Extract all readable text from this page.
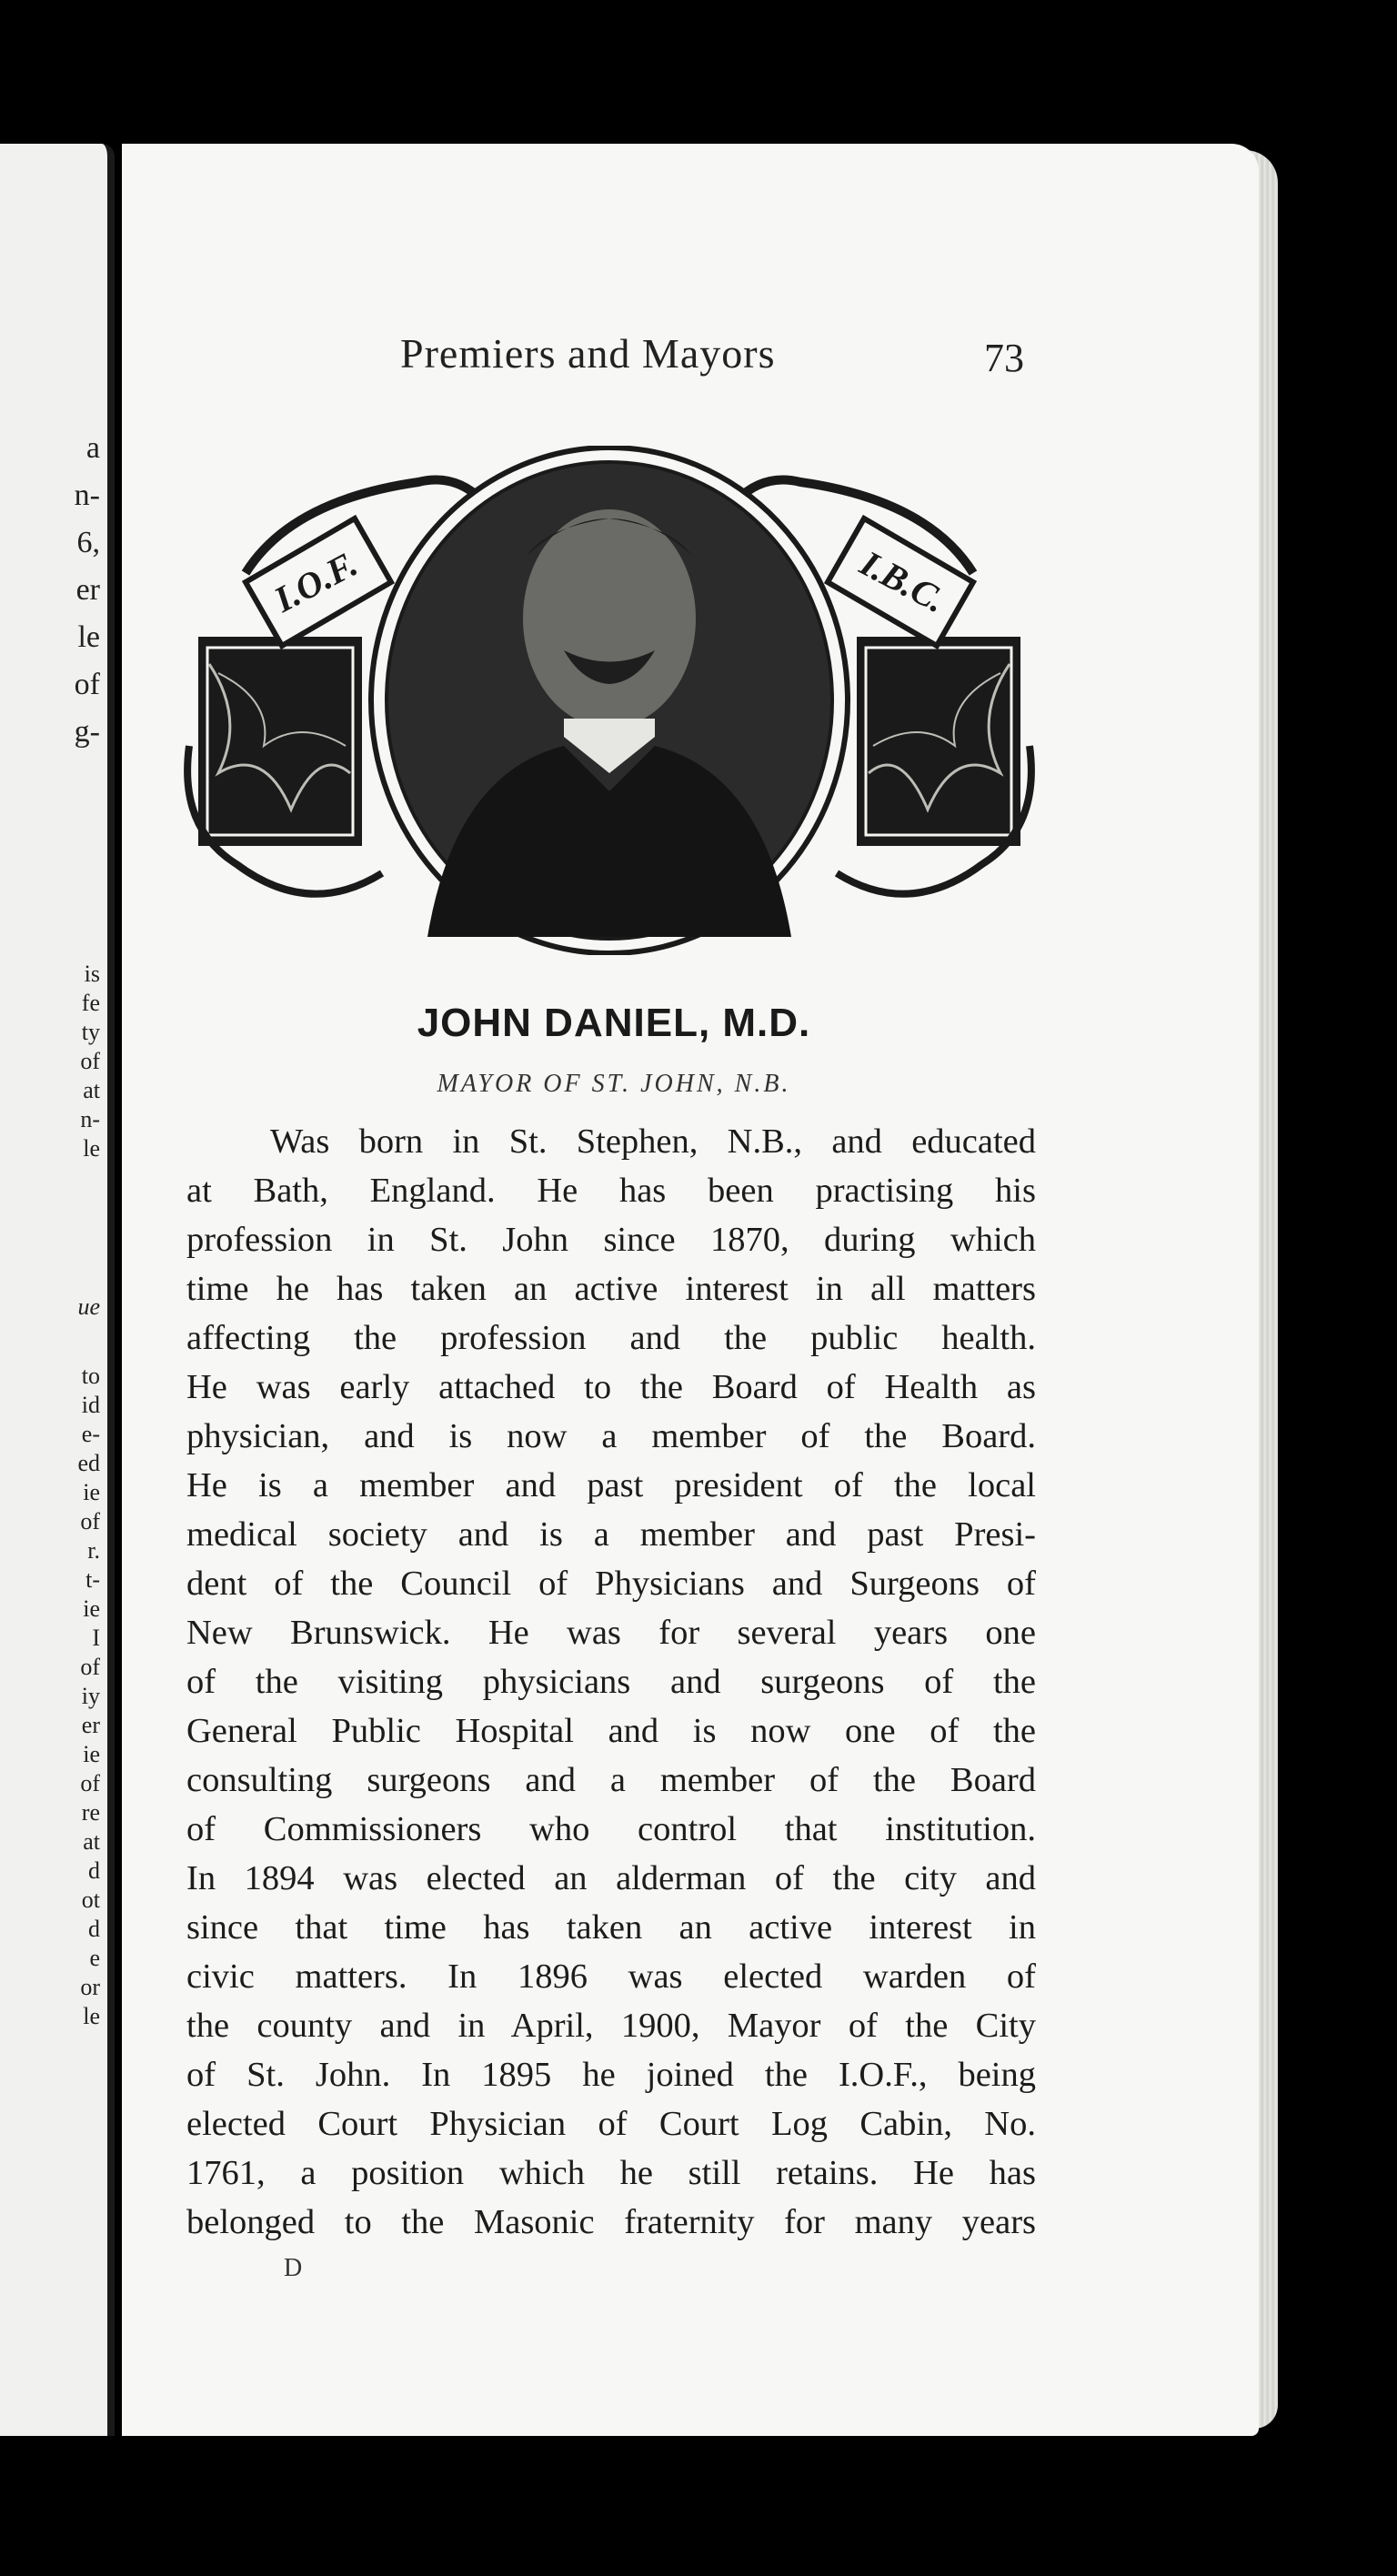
a
n-
6,
er
le
of
g-
is
fe
ty
of
at
n-
le
ue
to
id
e-
ed
ie
of
r.
t-
ie
I
of
iy
er
ie
of
re
at
d
ot
d
e
or
le
Premiers and Mayors	73
I.O.F.	I.B.C.
JOHN DANIEL, M.D.
MAYOR OF ST. JOHN, N.B.
Was born in St. Stephen, N.B., and educated
at Bath, England. He has been practising his
profession in St. John since 1870, during which
time he has taken an active interest in all matters
affecting the profession and the public health.
He was early attached to the Board of Health as
physician, and is now a member of the Board.
He is a member and past president of the local
medical society and is a member and past Presi-
dent of the Council of Physicians and Surgeons of
New Brunswick. He was for several years one
of the visiting physicians and surgeons of the
General Public Hospital and is now one of the
consulting surgeons and a member of the Board
of Commissioners who control that institution.
In 1894 was elected an alderman of the city and
since that time has taken an active interest in
civic matters. In 1896 was elected warden of
the county and in April, 1900, Mayor of the City
of St. John. In 1895 he joined the I.O.F., being
elected Court Physician of Court Log Cabin, No.
1761, a position which he still retains. He has
belonged to the Masonic fraternity for many years
D
